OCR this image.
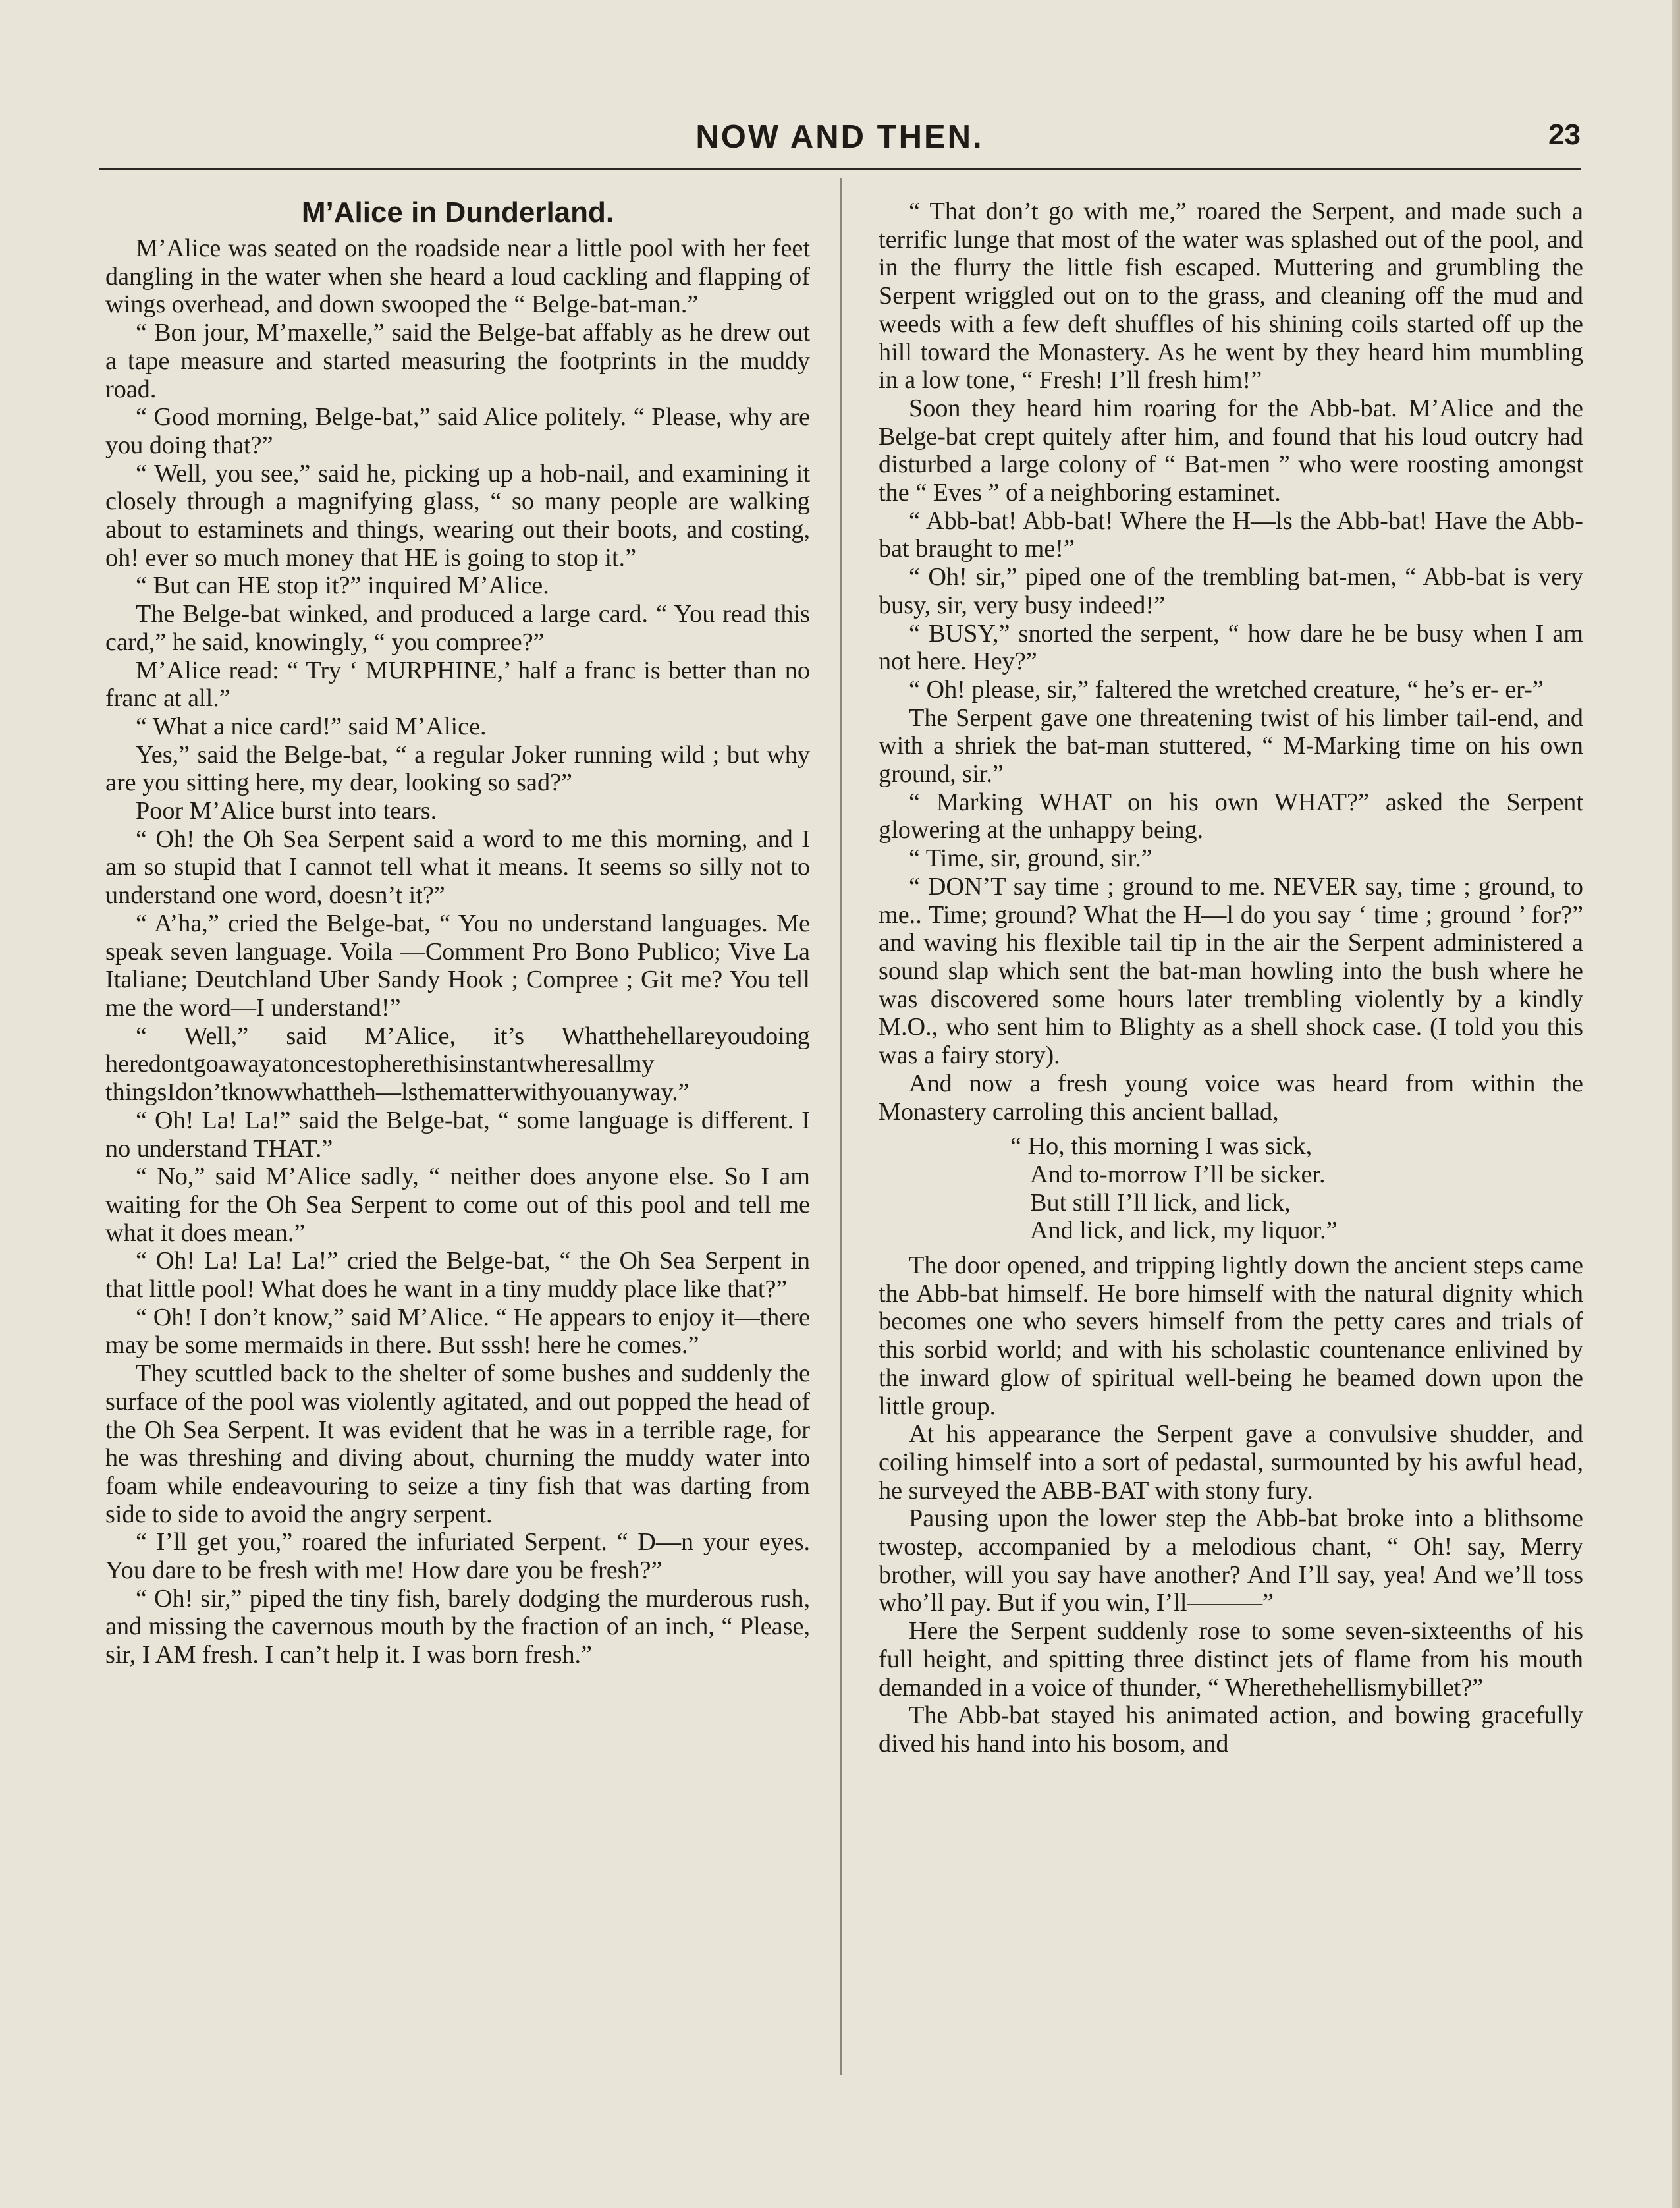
NOW AND THEN.	23
M’Alice in Dunderland.

M’Alice was seated on the roadside near a little pool with her feet dangling in the water when she heard a loud cackling and flapping of wings overhead, and down swooped the “ Belge-bat-man.”

“ Bon jour, M’maxelle,” said the Belge-bat affably as he drew out a tape measure and started measuring the footprints in the muddy road.

“ Good morning, Belge-bat,” said Alice politely. “ Please, why are you doing that?”

“ Well, you see,” said he, picking up a hob-nail, and examining it closely through a magnifying glass, “ so many people are walking about to estaminets and things, wearing out their boots, and costing, oh! ever so much money that HE is going to stop it.”

“ But can HE stop it?” inquired M’Alice.

The Belge-bat winked, and produced a large card. “ You read this card,” he said, knowingly, “ you compree?”

M’Alice read: “ Try ‘ MURPHINE,’ half a franc is better than no franc at all.”

“ What a nice card!” said M’Alice.

Yes,” said the Belge-bat, “ a regular Joker running wild ; but why are you sitting here, my dear, looking so sad?”

Poor M’Alice burst into tears.

“ Oh! the Oh Sea Serpent said a word to me this morning, and I am so stupid that I cannot tell what it means. It seems so silly not to understand one word, doesn’t it?”

“ A’ha,” cried the Belge-bat, “ You no understand languages. Me speak seven language. Voila —Comment Pro Bono Publico; Vive La Italiane; Deutchland Uber Sandy Hook ; Compree ; Git me? You tell me the word—I understand!”

“ Well,” said M’Alice, it’s Whatthehellareyoudoing heredontgoawayatoncestopherethisinstantwheresallmy thingsIdon’tknowwhattheh—lsthematterwithyouanyway.”

“ Oh! La! La!” said the Belge-bat, “ some language is different. I no understand THAT.”

“ No,” said M’Alice sadly, “ neither does anyone else. So I am waiting for the Oh Sea Serpent to come out of this pool and tell me what it does mean.”

“ Oh! La! La! La!” cried the Belge-bat, “ the Oh Sea Serpent in that little pool! What does he want in a tiny muddy place like that?”

“ Oh! I don’t know,” said M’Alice. “ He appears to enjoy it—there may be some mermaids in there. But sssh! here he comes.”

They scuttled back to the shelter of some bushes and suddenly the surface of the pool was violently agitated, and out popped the head of the Oh Sea Serpent. It was evident that he was in a terrible rage, for he was threshing and diving about, churning the muddy water into foam while endeavouring to seize a tiny fish that was darting from side to side to avoid the angry serpent.

“ I’ll get you,” roared the infuriated Serpent. “ D—n your eyes. You dare to be fresh with me! How dare you be fresh?”

“ Oh! sir,” piped the tiny fish, barely dodging the murderous rush, and missing the cavernous mouth by the fraction of an inch, “ Please, sir, I AM fresh. I can’t help it. I was born fresh.”

“ That don’t go with me,” roared the Serpent, and made such a terrific lunge that most of the water was splashed out of the pool, and in the flurry the little fish escaped. Muttering and grumbling the Serpent wriggled out on to the grass, and cleaning off the mud and weeds with a few deft shuffles of his shining coils started off up the hill toward the Monastery. As he went by they heard him mumbling in a low tone, “ Fresh! I’ll fresh him!”

Soon they heard him roaring for the Abb-bat. M’Alice and the Belge-bat crept quitely after him, and found that his loud outcry had disturbed a large colony of “ Bat-men ” who were roosting amongst the “ Eves ” of a neighboring estaminet.

“ Abb-bat! Abb-bat! Where the H—ls the Abb-bat! Have the Abb-bat braught to me!”

“ Oh! sir,” piped one of the trembling bat-men, “ Abb-bat is very busy, sir, very busy indeed!”

“ BUSY,” snorted the serpent, “ how dare he be busy when I am not here. Hey?”

“ Oh! please, sir,” faltered the wretched creature, “ he’s er- er-”

The Serpent gave one threatening twist of his limber tail-end, and with a shriek the bat-man stuttered, “ M-Marking time on his own ground, sir.”

“ Marking WHAT on his own WHAT?” asked the Serpent glowering at the unhappy being.

“ Time, sir, ground, sir.”

“ DON’T say time ; ground to me. NEVER say, time ; ground, to me.. Time; ground? What the H—l do you say ‘ time ; ground ’ for?” and waving his flexible tail tip in the air the Serpent administered a sound slap which sent the bat-man howling into the bush where he was discovered some hours later trembling violently by a kindly M.O., who sent him to Blighty as a shell shock case. (I told you this was a fairy story).

And now a fresh young voice was heard from within the Monastery carroling this ancient ballad,

“ Ho, this morning I was sick,
And to-morrow I’ll be sicker.
But still I’ll lick, and lick,
And lick, and lick, my liquor.”

The door opened, and tripping lightly down the ancient steps came the Abb-bat himself. He bore himself with the natural dignity which becomes one who severs himself from the petty cares and trials of this sorbid world; and with his scholastic countenance enlivined by the inward glow of spiritual well-being he beamed down upon the little group.

At his appearance the Serpent gave a convulsive shudder, and coiling himself into a sort of pedastal, surmounted by his awful head, he surveyed the ABB-BAT with stony fury.

Pausing upon the lower step the Abb-bat broke into a blithsome twostep, accompanied by a melodious chant, “ Oh! say, Merry brother, will you say have another? And I’ll say, yea! And we’ll toss who’ll pay. But if you win, I’ll———”

Here the Serpent suddenly rose to some seven-sixteenths of his full height, and spitting three distinct jets of flame from his mouth demanded in a voice of thunder, “ Wherethehellismybillet?”

The Abb-bat stayed his animated action, and bowing gracefully dived his hand into his bosom, and
